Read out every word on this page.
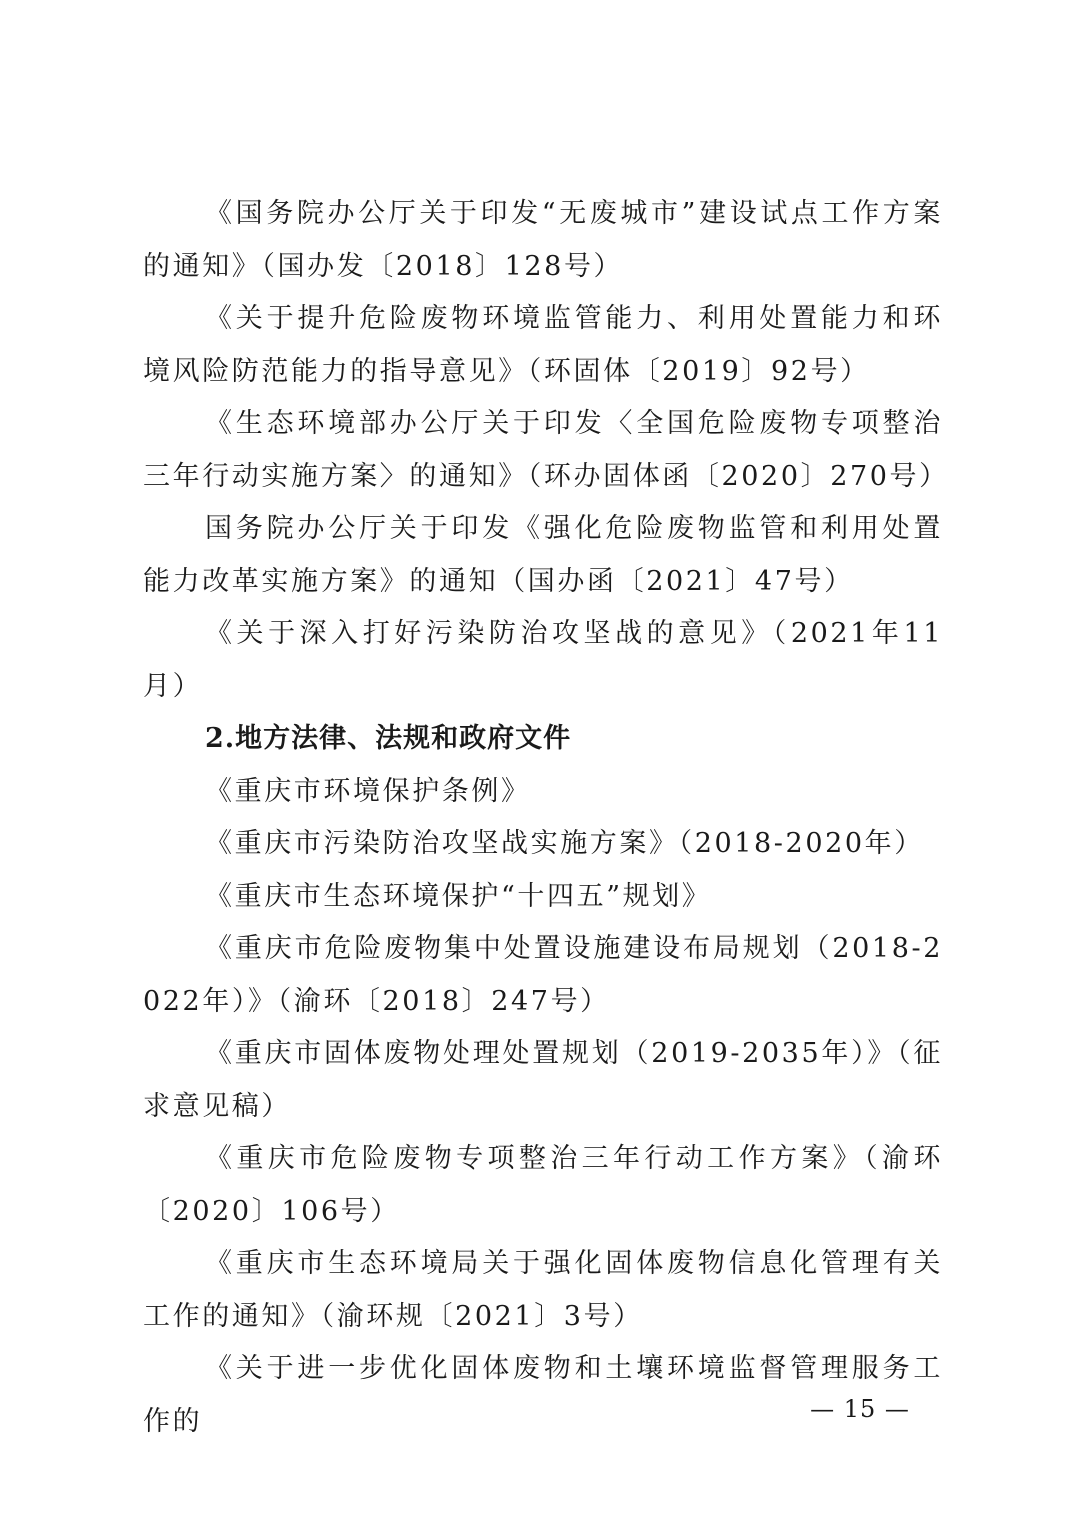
《国务院办公厅关于印发“无废城市”建设试点工作方案的通知》（国办发〔2018〕128号）

《关于提升危险废物环境监管能力、利用处置能力和环境风险防范能力的指导意见》（环固体〔2019〕92号）

《生态环境部办公厅关于印发〈全国危险废物专项整治三年行动实施方案〉的通知》（环办固体函〔2020〕270号）

国务院办公厅关于印发《强化危险废物监管和利用处置能力改革实施方案》的通知（国办函〔2021〕47号）

《关于深入打好污染防治攻坚战的意见》（2021年11月）

2.地方法律、法规和政府文件

《重庆市环境保护条例》

《重庆市污染防治攻坚战实施方案》（2018-2020年）

《重庆市生态环境保护“十四五”规划》

《重庆市危险废物集中处置设施建设布局规划（2018-2022年）》（渝环〔2018〕247号）

《重庆市固体废物处理处置规划（2019-2035年）》（征求意见稿）

《重庆市危险废物专项整治三年行动工作方案》（渝环〔2020〕106号）

《重庆市生态环境局关于强化固体废物信息化管理有关工作的通知》（渝环规〔2021〕3号）

《关于进一步优化固体废物和土壤环境监督管理服务工作的	— 15 —
